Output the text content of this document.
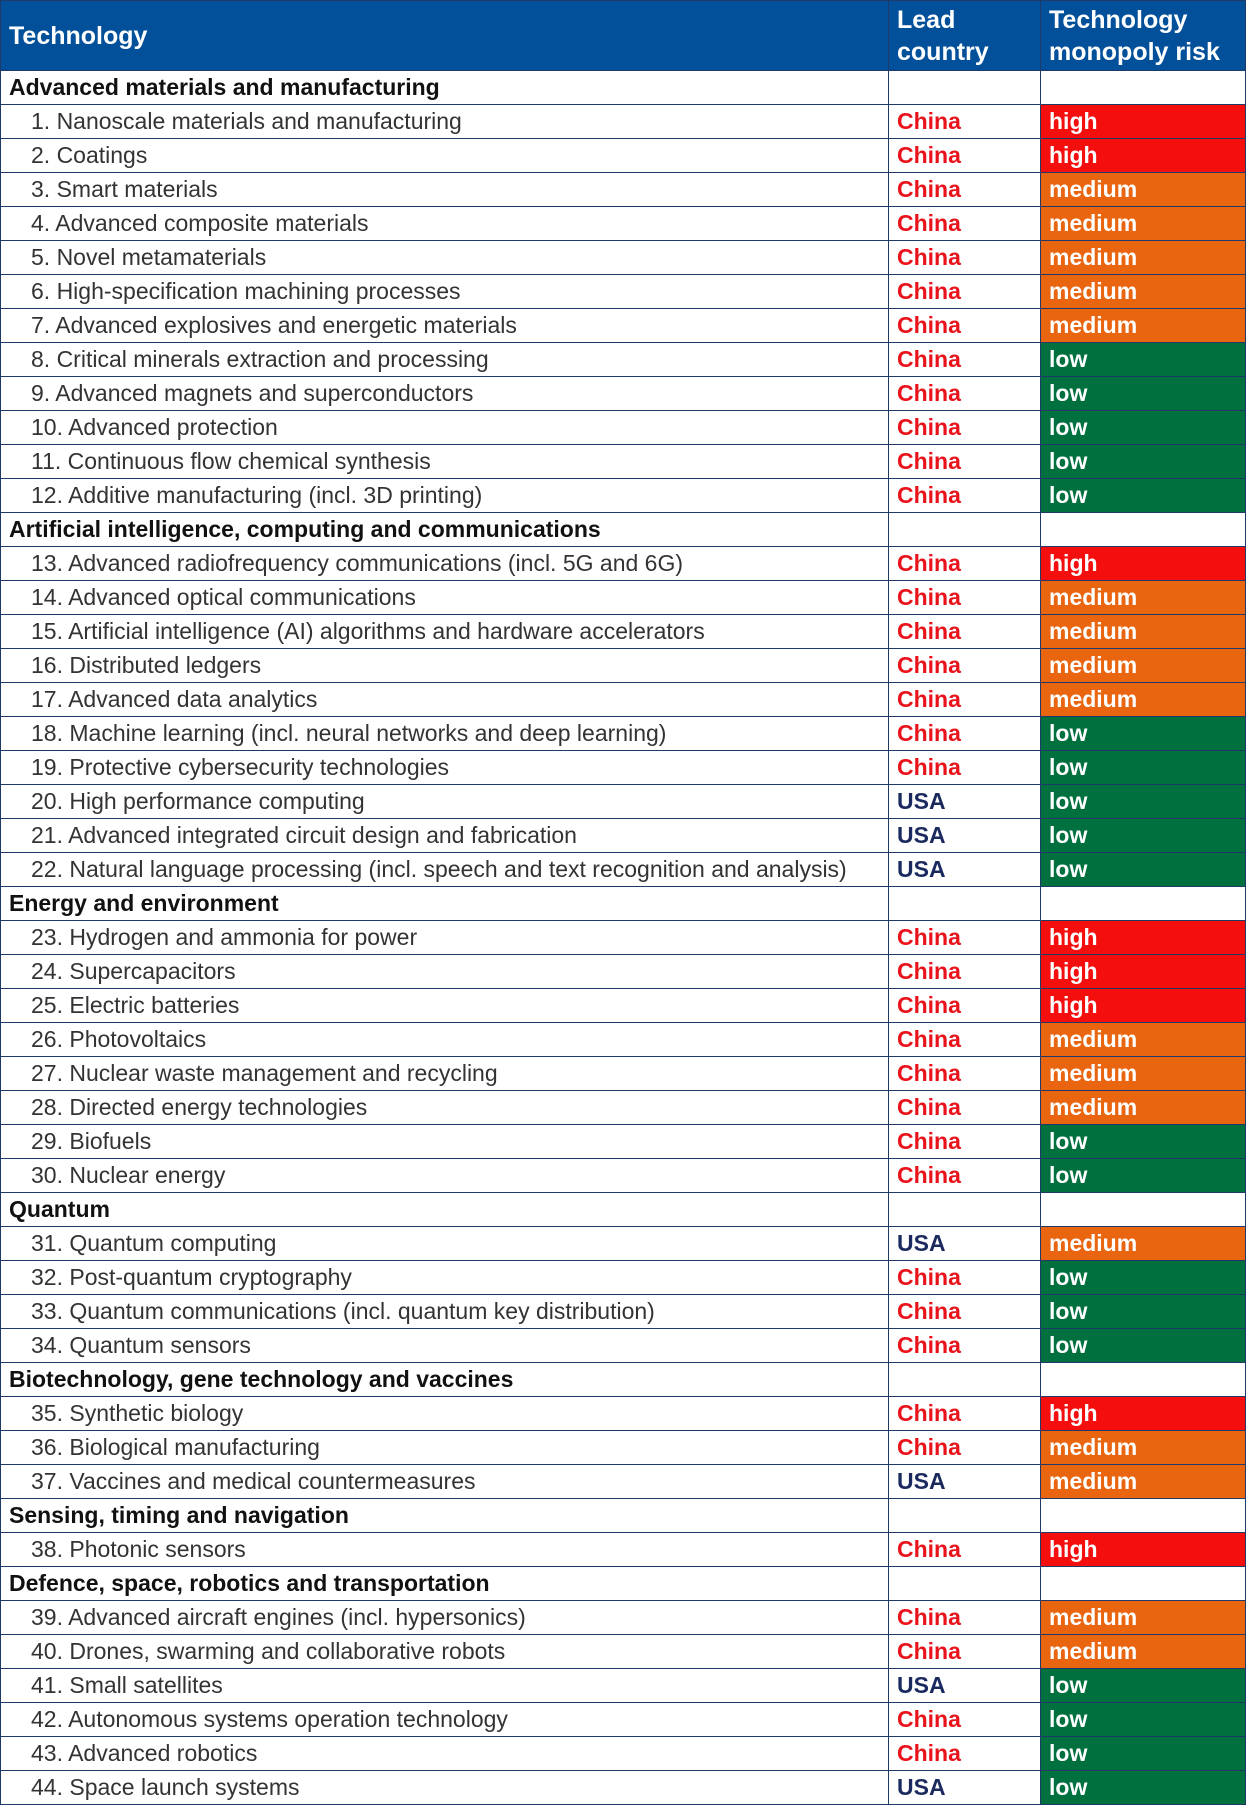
Technology	Lead country	Technology monopoly risk

Advanced materials and manufacturing		
1. Nanoscale materials and manufacturing	China	high
2. Coatings	China	high
3. Smart materials	China	medium
4. Advanced composite materials	China	medium
5. Novel metamaterials	China	medium
6. High-specification machining processes	China	medium
7. Advanced explosives and energetic materials	China	medium
8. Critical minerals extraction and processing	China	low
9. Advanced magnets and superconductors	China	low
10. Advanced protection	China	low
11. Continuous flow chemical synthesis	China	low
12. Additive manufacturing (incl. 3D printing)	China	low
Artificial intelligence, computing and communications		
13. Advanced radiofrequency communications (incl. 5G and 6G)	China	high
14. Advanced optical communications	China	medium
15. Artificial intelligence (AI) algorithms and hardware accelerators	China	medium
16. Distributed ledgers	China	medium
17. Advanced data analytics	China	medium
18. Machine learning (incl. neural networks and deep learning)	China	low
19. Protective cybersecurity technologies	China	low
20. High performance computing	USA	low
21. Advanced integrated circuit design and fabrication	USA	low
22. Natural language processing (incl. speech and text recognition and analysis)	USA	low
Energy and environment		
23. Hydrogen and ammonia for power	China	high
24. Supercapacitors	China	high
25. Electric batteries	China	high
26. Photovoltaics	China	medium
27. Nuclear waste management and recycling	China	medium
28. Directed energy technologies	China	medium
29. Biofuels	China	low
30. Nuclear energy	China	low
Quantum		
31. Quantum computing	USA	medium
32. Post-quantum cryptography	China	low
33. Quantum communications (incl. quantum key distribution)	China	low
34. Quantum sensors	China	low
Biotechnology, gene technology and vaccines		
35. Synthetic biology	China	high
36. Biological manufacturing	China	medium
37. Vaccines and medical countermeasures	USA	medium
Sensing, timing and navigation		
38. Photonic sensors	China	high
Defence, space, robotics and transportation		
39. Advanced aircraft engines (incl. hypersonics)	China	medium
40. Drones, swarming and collaborative robots	China	medium
41. Small satellites	USA	low
42. Autonomous systems operation technology	China	low
43. Advanced robotics	China	low
44. Space launch systems	USA	low
